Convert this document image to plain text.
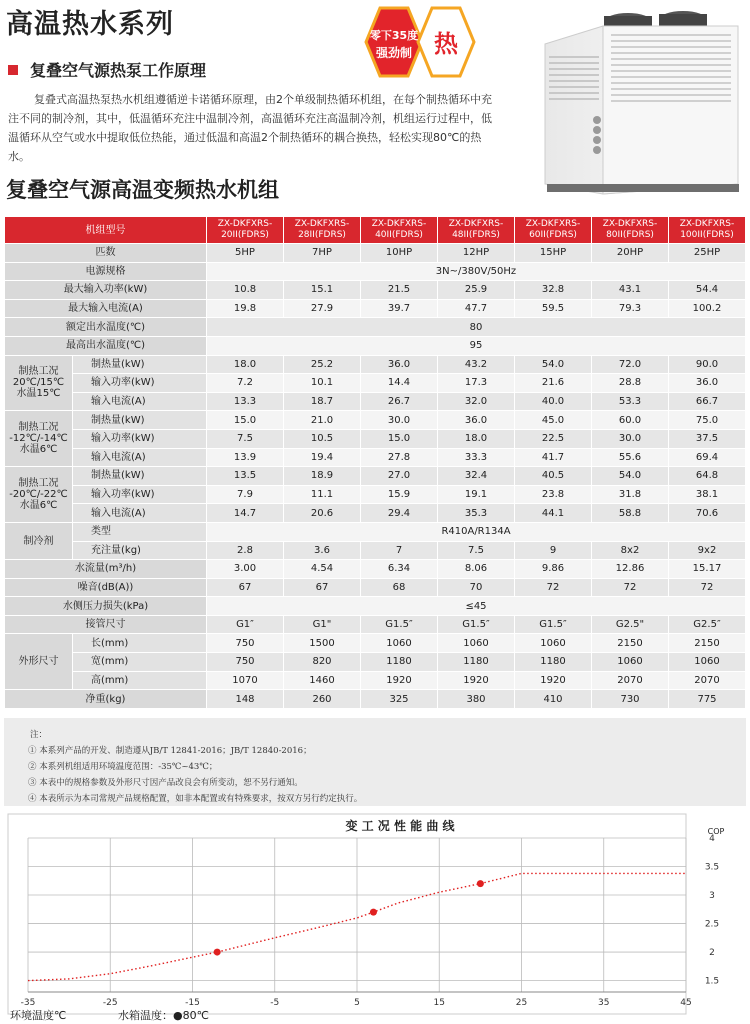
高温热水系列	零下35度
强劲制 热
复叠空气源热泵工作原理
复叠式高温热泵热水机组遵循逆卡诺循环原理，由2个单级制热循环机组，在每个制热循环中充注不同的制冷剂，其中，低温循环充注中温制冷剂，高温循环充注高温制冷剂，机组运行过程中，低温循环从空气或水中提取低位热能，通过低温和高温2个制热循环的耦合换热，轻松实现80℃的热水。
复叠空气源高温变频热水机组
机组型号		ZX-DKFXRS-20II(FDRS)	ZX-DKFXRS-28II(FDRS)	ZX-DKFXRS-40II(FDRS)	ZX-DKFXRS-48II(FDRS)	ZX-DKFXRS-60II(FDRS)	ZX-DKFXRS-80II(FDRS)	ZX-DKFXRS-100II(FDRS)
匹数		5HP	7HP	10HP	12HP	15HP	20HP	25HP
电源规格		3N~/380V/50Hz						
最大输入功率(kW)		10.8	15.1	21.5	25.9	32.8	43.1	54.4
最大输入电流(A)		19.8	27.9	39.7	47.7	59.5	79.3	100.2
额定出水温度(℃)		80						
最高出水温度(℃)		95						

制热工况
20℃/15℃
水温15℃	制热量(kW)	18.0	25.2	36.0	43.2	54.0	72.0	90.0
	输入功率(kW)	7.2	10.1	14.4	17.3	21.6	28.8	36.0
	输入电流(A)	13.3	18.7	26.7	32.0	40.0	53.3	66.7

制热工况
-12℃/-14℃
水温6℃	制热量(kW)	15.0	21.0	30.0	36.0	45.0	60.0	75.0
	输入功率(kW)	7.5	10.5	15.0	18.0	22.5	30.0	37.5
	输入电流(A)	13.9	19.4	27.8	33.3	41.7	55.6	69.4

制热工况
-20℃/-22℃
水温6℃	制热量(kW)	13.5	18.9	27.0	32.4	40.5	54.0	64.8
	输入功率(kW)	7.9	11.1	15.9	19.1	23.8	31.8	38.1
	输入电流(A)	14.7	20.6	29.4	35.3	44.1	58.8	70.6
制冷剂	类型	R410A/R134A						
	充注量(kg)	2.8	3.6	7	7.5	9	8x2	9x2
水流量(m³/h)		3.00	4.54	6.34	8.06	9.86	12.86	15.17
噪音(dB(A))		67	67	68	70	72	72	72
水侧压力损失(kPa)		≤45						
接管尺寸		G1″	G1"	G1.5″	G1.5″	G1.5″	G2.5"	G2.5″
外形尺寸	长(mm)	750	1500	1060	1060	1060	2150	2150
	宽(mm)	750	820	1180	1180	1180	1060	1060
	高(mm)	1070	1460	1920	1920	1920	2070	2070
净重(kg)		148	260	325	380	410	730	775
注：
① 本系列产品的开发、制造遵从JB/T 12841-2016；JB/T 12840-2016；
② 本系列机组适用环境温度范围：-35℃~43℃；
③ 本表中的规格参数及外形尺寸因产品改良会有所变动，恕不另行通知。
④ 本表所示为本司常规产品规格配置，如非本配置或有特殊要求，按双方另行约定执行。
变 工 况 性 能 曲 线
1.5
2
2.5
3
3.5
4
-35	-25	-15	-5	5	15	25	35	45
COP
环境温度℃	水箱温度：●80℃
